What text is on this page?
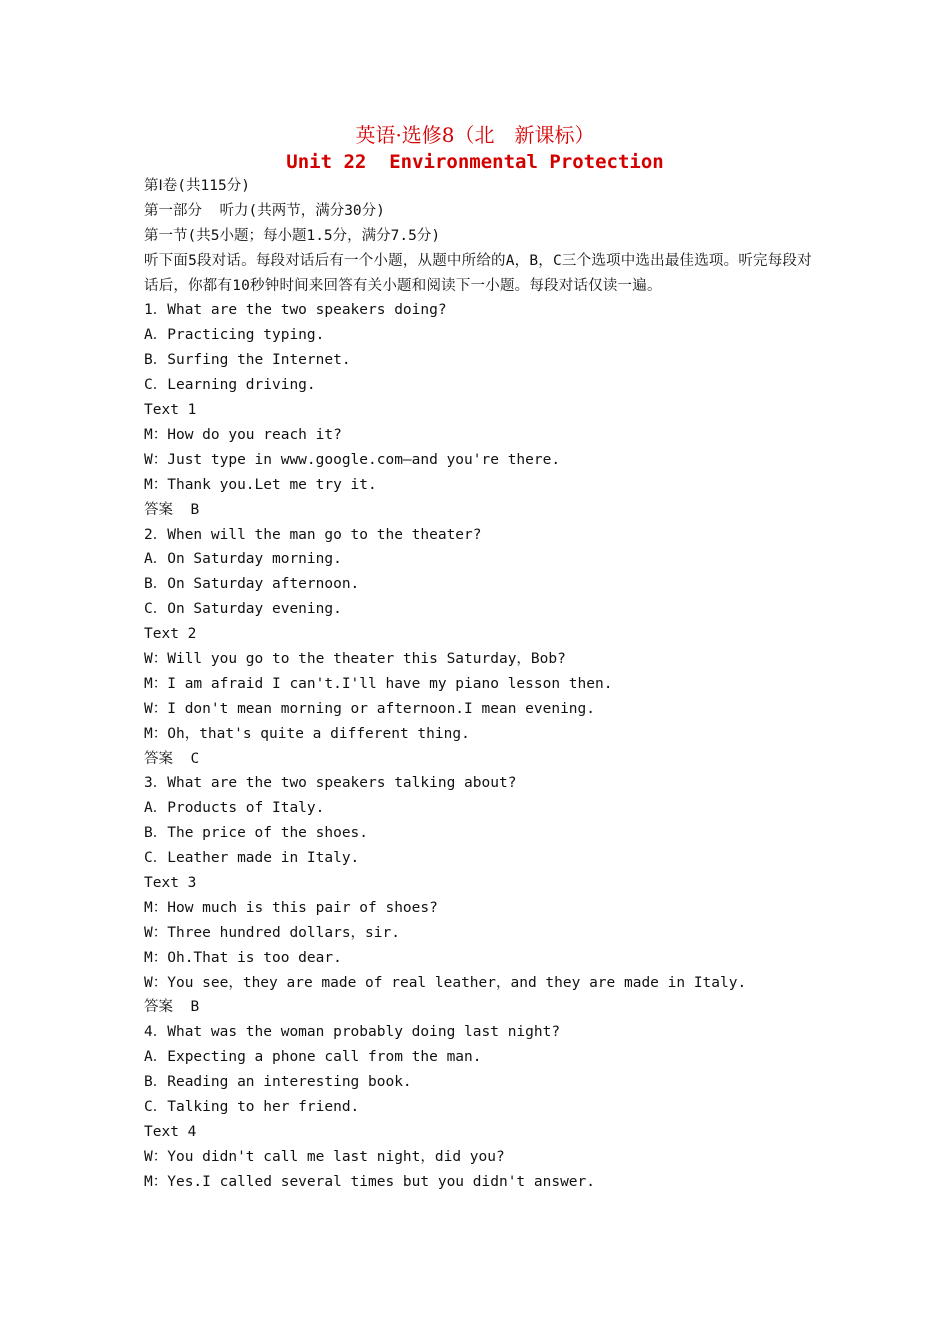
英语·选修8（北　新课标）
Unit 22  Environmental Protection
第Ⅰ卷(共115分)
第一部分  听力(共两节，满分30分)
第一节(共5小题；每小题1.5分，满分7.5分)
听下面5段对话。每段对话后有一个小题，从题中所给的A，B，C三个选项中选出最佳选项。听完每段对话后，你都有10秒钟时间来回答有关小题和阅读下一小题。每段对话仅读一遍。
1．What are the two speakers doing?
A．Practicing typing.
B．Surfing the Internet.
C．Learning driving.
Text 1
M：How do you reach it?
W：Just type in www.google.com—and you're there.
M：Thank you.Let me try it.
答案  B
2．When will the man go to the theater?
A．On Saturday morning.
B．On Saturday afternoon.
C．On Saturday evening.
Text 2
W：Will you go to the theater this Saturday，Bob?
M：I am afraid I can't.I'll have my piano lesson then.
W：I don't mean morning or afternoon.I mean evening.
M：Oh，that's quite a different thing.
答案  C
3．What are the two speakers talking about?
A．Products of Italy.
B．The price of the shoes.
C．Leather made in Italy.
Text 3
M：How much is this pair of shoes?
W：Three hundred dollars，sir.
M：Oh.That is too dear.
W：You see，they are made of real leather，and they are made in Italy.
答案  B
4．What was the woman probably doing last night?
A．Expecting a phone call from the man.
B．Reading an interesting book.
C．Talking to her friend.
Text 4
W：You didn't call me last night，did you?
M：Yes.I called several times but you didn't answer.
